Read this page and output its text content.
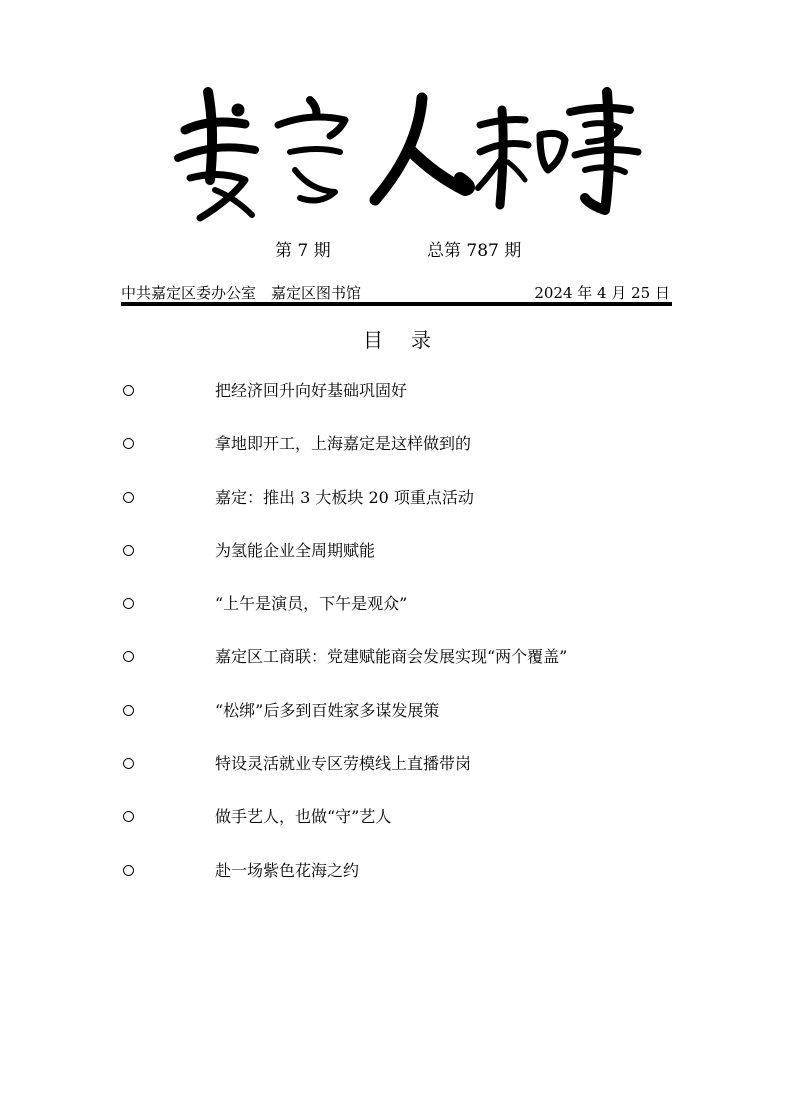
第 7 期	总第 787 期
中共嘉定区委办公室　嘉定区图书馆	2024 年 4 月 25 日
目录
把经济回升向好基础巩固好
拿地即开工，上海嘉定是这样做到的
嘉定：推出 3 大板块 20 项重点活动
为氢能企业全周期赋能
“上午是演员，下午是观众”
嘉定区工商联：党建赋能商会发展实现“两个覆盖”
“松绑”后多到百姓家多谋发展策
特设灵活就业专区劳模线上直播带岗
做手艺人，也做“守”艺人
赴一场紫色花海之约
